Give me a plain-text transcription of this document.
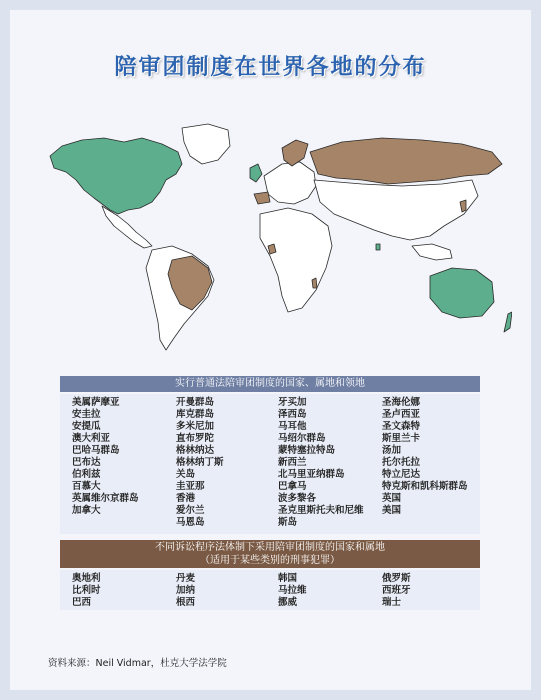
陪审团制度在世界各地的分布
实行普通法陪审团制度的国家、属地和领地
美属萨摩亚
安圭拉
安提瓜
澳大利亚
巴哈马群岛
巴布达
伯利兹
百慕大
英属维尔京群岛
加拿大
开曼群岛
库克群岛
多米尼加
直布罗陀
格林纳达
格林纳丁斯
关岛
圭亚那
香港
爱尔兰
马恩岛
牙买加
泽西岛
马耳他
马绍尔群岛
蒙特塞拉特岛
新西兰
北马里亚纳群岛
巴拿马
波多黎各
圣克里斯托夫和尼维
斯岛
圣海伦娜
圣卢西亚
圣文森特
斯里兰卡
汤加
托尔托拉
特立尼达
特克斯和凯科斯群岛
英国
美国
不同诉讼程序法体制下采用陪审团制度的国家和属地
（适用于某些类别的刑事犯罪）
奥地利
比利时
巴西
丹麦
加纳
根西
韩国
马拉维
挪威
俄罗斯
西班牙
瑞士
资料来源：Neil Vidmar，杜克大学法学院
